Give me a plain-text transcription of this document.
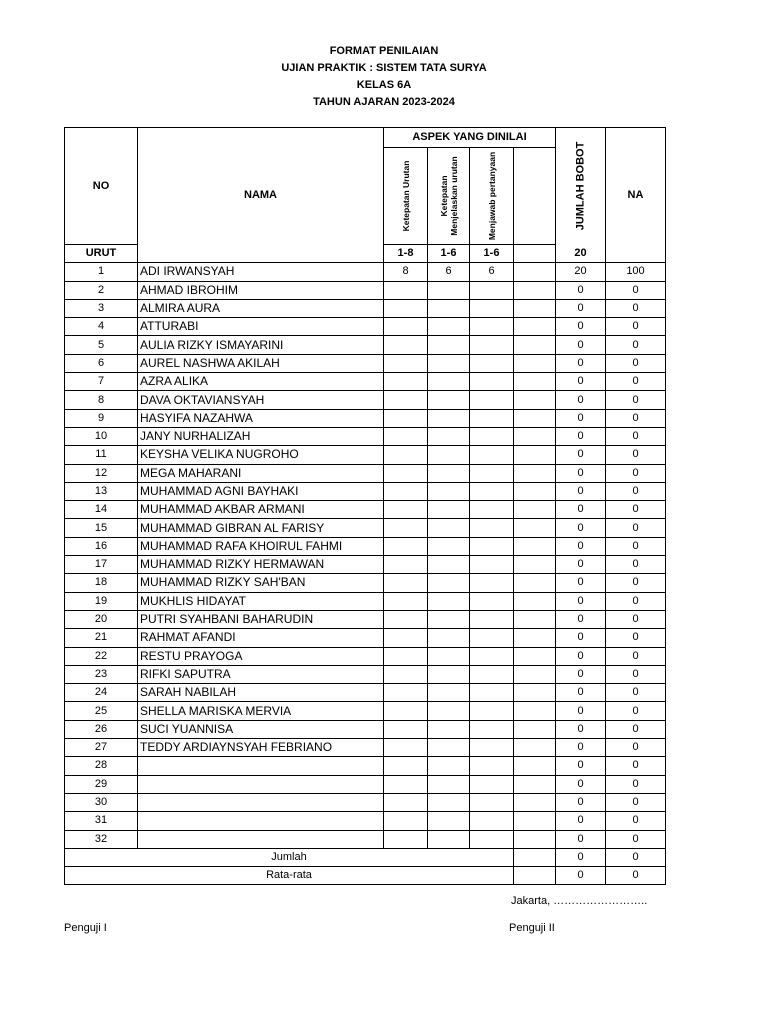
FORMAT PENILAIAN
UJIAN PRAKTIK : SISTEM TATA SURYA
KELAS 6A
TAHUN AJARAN 2023-2024
NO	NAMA	ASPEK YANG DINILAI				JUMLAH BOBOT	NA

		Ketepatan Urutan	Ketepatan Menjelaskan urutan	Menjawab pertanyaan			

URUT		1-8	1-6	1-6		20	
1	ADI IRWANSYAH	8	6	6		20	100
2	AHMAD IBROHIM					0	0
3	ALMIRA AURA					0	0
4	ATTURABI					0	0
5	AULIA RIZKY ISMAYARINI					0	0
6	AUREL NASHWA AKILAH					0	0
7	AZRA ALIKA					0	0
8	DAVA OKTAVIANSYAH					0	0
9	HASYIFA NAZAHWA					0	0
10	JANY NURHALIZAH					0	0
11	KEYSHA VELIKA NUGROHO					0	0
12	MEGA MAHARANI					0	0
13	MUHAMMAD AGNI BAYHAKI					0	0
14	MUHAMMAD AKBAR ARMANI					0	0
15	MUHAMMAD GIBRAN AL FARISY					0	0
16	MUHAMMAD RAFA KHOIRUL FAHMI					0	0
17	MUHAMMAD RIZKY HERMAWAN					0	0
18	MUHAMMAD RIZKY SAH'BAN					0	0
19	MUKHLIS HIDAYAT					0	0
20	PUTRI SYAHBANI BAHARUDIN					0	0
21	RAHMAT AFANDI					0	0
22	RESTU PRAYOGA					0	0
23	RIFKI SAPUTRA					0	0
24	SARAH NABILAH					0	0
25	SHELLA MARISKA MERVIA					0	0
26	SUCI YUANNISA					0	0
27	TEDDY ARDIAYNSYAH FEBRIANO					0	0
28						0	0
29						0	0
30						0	0
31						0	0
32						0	0
Jumlah						0	0
Rata-rata						0	0
Jakarta, ……………………..
Penguji I	Penguji II
